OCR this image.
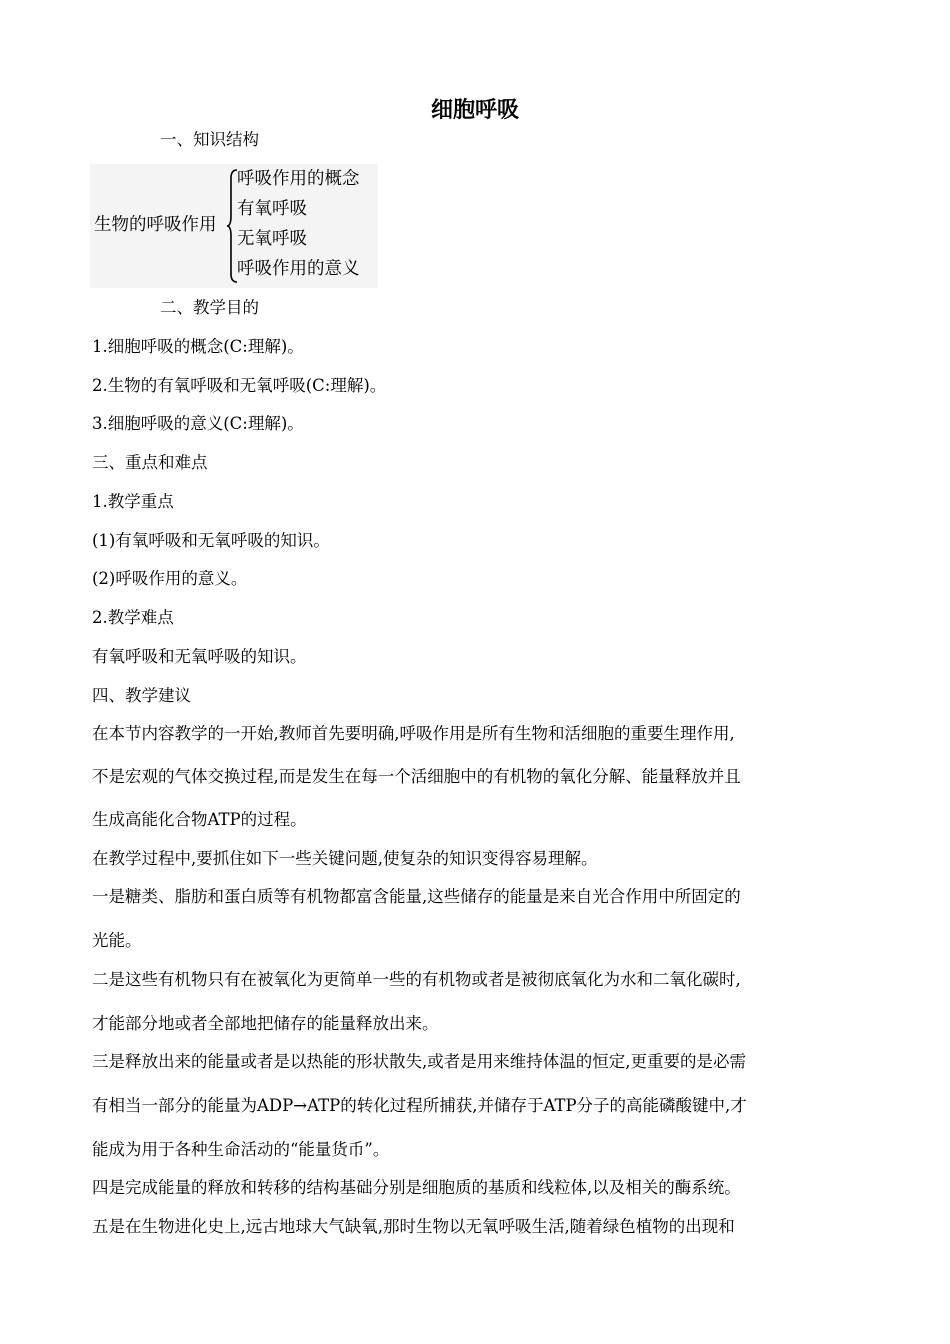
细胞呼吸
一、知识结构
生物的呼吸作用
呼吸作用的概念
有氧呼吸
无氧呼吸
呼吸作用的意义
二、教学目的
1.细胞呼吸的概念(C:理解)。
2.生物的有氧呼吸和无氧呼吸(C:理解)。
3.细胞呼吸的意义(C:理解)。
三、重点和难点
1.教学重点
(1)有氧呼吸和无氧呼吸的知识。
(2)呼吸作用的意义。
2.教学难点
有氧呼吸和无氧呼吸的知识。
四、教学建议
在本节内容教学的一开始,教师首先要明确,呼吸作用是所有生物和活细胞的重要生理作用,
不是宏观的气体交换过程,而是发生在每一个活细胞中的有机物的氧化分解、能量释放并且
生成高能化合物ATP的过程。
在教学过程中,要抓住如下一些关键问题,使复杂的知识变得容易理解。
一是糖类、脂肪和蛋白质等有机物都富含能量,这些储存的能量是来自光合作用中所固定的
光能。
二是这些有机物只有在被氧化为更简单一些的有机物或者是被彻底氧化为水和二氧化碳时,
才能部分地或者全部地把储存的能量释放出来。
三是释放出来的能量或者是以热能的形状散失,或者是用来维持体温的恒定,更重要的是必需
有相当一部分的能量为ADP→ATP的转化过程所捕获,并储存于ATP分子的高能磷酸键中,才
能成为用于各种生命活动的“能量货币”。
四是完成能量的释放和转移的结构基础分别是细胞质的基质和线粒体,以及相关的酶系统。
五是在生物进化史上,远古地球大气缺氧,那时生物以无氧呼吸生活,随着绿色植物的出现和
